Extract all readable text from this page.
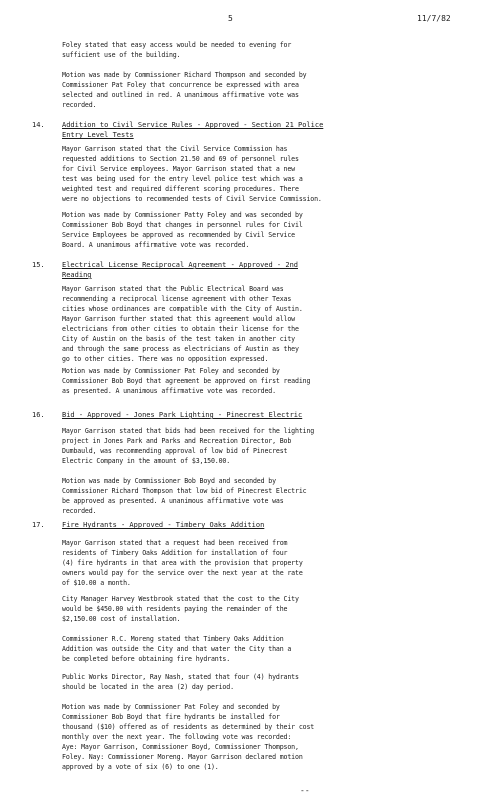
5	11/7/82
Foley stated that easy access would be needed to evening for
sufficient use of the building.
Motion was made by Commissioner Richard Thompson and seconded by
Commissioner Pat Foley that concurrence be expressed with area
selected and outlined in red. A unanimous affirmative vote was
recorded.
14. Addition to Civil Service Rules - Approved - Section 21 Police
Entry Level Tests
Mayor Garrison stated that the Civil Service Commission has
requested additions to Section 21.50 and 69 of personnel rules
for Civil Service employees. Mayor Garrison stated that a new
test was being used for the entry level police test which was a
weighted test and required different scoring procedures. There
were no objections to recommended tests of Civil Service Commission.
Motion was made by Commissioner Patty Foley and was seconded by
Commissioner Bob Boyd that changes in personnel rules for Civil
Service Employees be approved as recommended by Civil Service
Board. A unanimous affirmative vote was recorded.
15. Electrical License Reciprocal Agreement - Approved - 2nd
Reading
Mayor Garrison stated that the Public Electrical Board was
recommending a reciprocal license agreement with other Texas
cities whose ordinances are compatible with the City of Austin.
Mayor Garrison further stated that this agreement would allow
electricians from other cities to obtain their license for the
City of Austin on the basis of the test taken in another city
and through the same process as electricians of Austin as they
go to other cities. There was no opposition expressed.
Motion was made by Commissioner Pat Foley and seconded by
Commissioner Bob Boyd that agreement be approved on first reading
as presented. A unanimous affirmative vote was recorded.
16. Bid - Approved - Jones Park Lighting - Pinecrest Electric
Mayor Garrison stated that bids had been received for the lighting
project in Jones Park and Parks and Recreation Director, Bob
Dumbauld, was recommending approval of low bid of Pinecrest
Electric Company in the amount of $3,150.00.
Motion was made by Commissioner Bob Boyd and seconded by
Commissioner Richard Thompson that low bid of Pinecrest Electric
be approved as presented. A unanimous affirmative vote was
recorded.
17. Fire Hydrants - Approved - Timbery Oaks Addition
Mayor Garrison stated that a request had been received from
residents of Timbery Oaks Addition for installation of four
(4) fire hydrants in that area with the provision that property
owners would pay for the service over the next year at the rate
of $10.00 a month.
City Manager Harvey Westbrook stated that the cost to the City
would be $450.00 with residents paying the remainder of the
$2,150.00 cost of installation.
Commissioner R.C. Moreng stated that Timbery Oaks Addition
Addition was outside the City and that water the City than a
be completed before obtaining fire hydrants.
Public Works Director, Ray Nash, stated that four (4) hydrants
should be located in the area (2) day period.
Motion was made by Commissioner Pat Foley and seconded by
Commissioner Bob Boyd that fire hydrants be installed for
thousand ($10) offered as of residents as determined by their cost
monthly over the next year. The following vote was recorded:
Aye: Mayor Garrison, Commissioner Boyd, Commissioner Thompson,
Foley. Nay: Commissioner Moreng. Mayor Garrison declared motion
approved by a vote of six (6) to one (1).
--
